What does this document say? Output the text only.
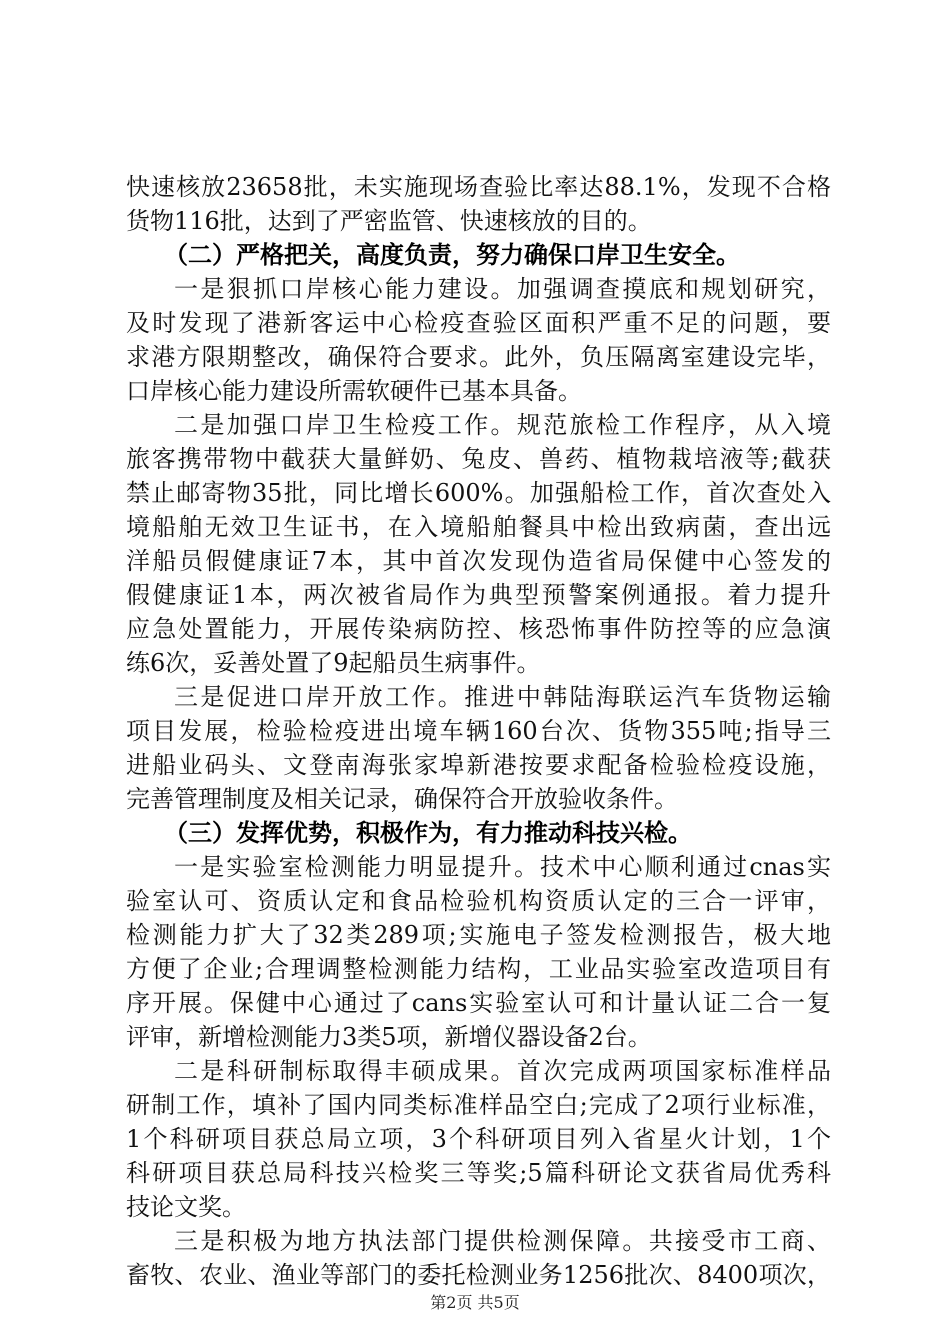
快速核放23658批，未实施现场查验比率达88.1%，发现不合格
货物116批，达到了严密监管、快速核放的目的。
（二）严格把关，高度负责，努力确保口岸卫生安全。
一是狠抓口岸核心能力建设。加强调查摸底和规划研究，
及时发现了港新客运中心检疫查验区面积严重不足的问题，要
求港方限期整改，确保符合要求。此外，负压隔离室建设完毕，
口岸核心能力建设所需软硬件已基本具备。
二是加强口岸卫生检疫工作。规范旅检工作程序，从入境
旅客携带物中截获大量鲜奶、兔皮、兽药、植物栽培液等;截获
禁止邮寄物35批，同比增长600%。加强船检工作，首次查处入
境船舶无效卫生证书，在入境船舶餐具中检出致病菌，查出远
洋船员假健康证7本，其中首次发现伪造省局保健中心签发的
假健康证1本，两次被省局作为典型预警案例通报。着力提升
应急处置能力，开展传染病防控、核恐怖事件防控等的应急演
练6次，妥善处置了9起船员生病事件。
三是促进口岸开放工作。推进中韩陆海联运汽车货物运输
项目发展，检验检疫进出境车辆160台次、货物355吨;指导三
进船业码头、文登南海张家埠新港按要求配备检验检疫设施，
完善管理制度及相关记录，确保符合开放验收条件。
（三）发挥优势，积极作为，有力推动科技兴检。
一是实验室检测能力明显提升。技术中心顺利通过cnas实
验室认可、资质认定和食品检验机构资质认定的三合一评审，
检测能力扩大了32类289项;实施电子签发检测报告，极大地
方便了企业;合理调整检测能力结构，工业品实验室改造项目有
序开展。保健中心通过了cans实验室认可和计量认证二合一复
评审，新增检测能力3类5项，新增仪器设备2台。
二是科研制标取得丰硕成果。首次完成两项国家标准样品
研制工作，填补了国内同类标准样品空白;完成了2项行业标准，
1个科研项目获总局立项，3个科研项目列入省星火计划，1个
科研项目获总局科技兴检奖三等奖;5篇科研论文获省局优秀科
技论文奖。
三是积极为地方执法部门提供检测保障。共接受市工商、
畜牧、农业、渔业等部门的委托检测业务1256批次、8400项次，
第2页 共5页
